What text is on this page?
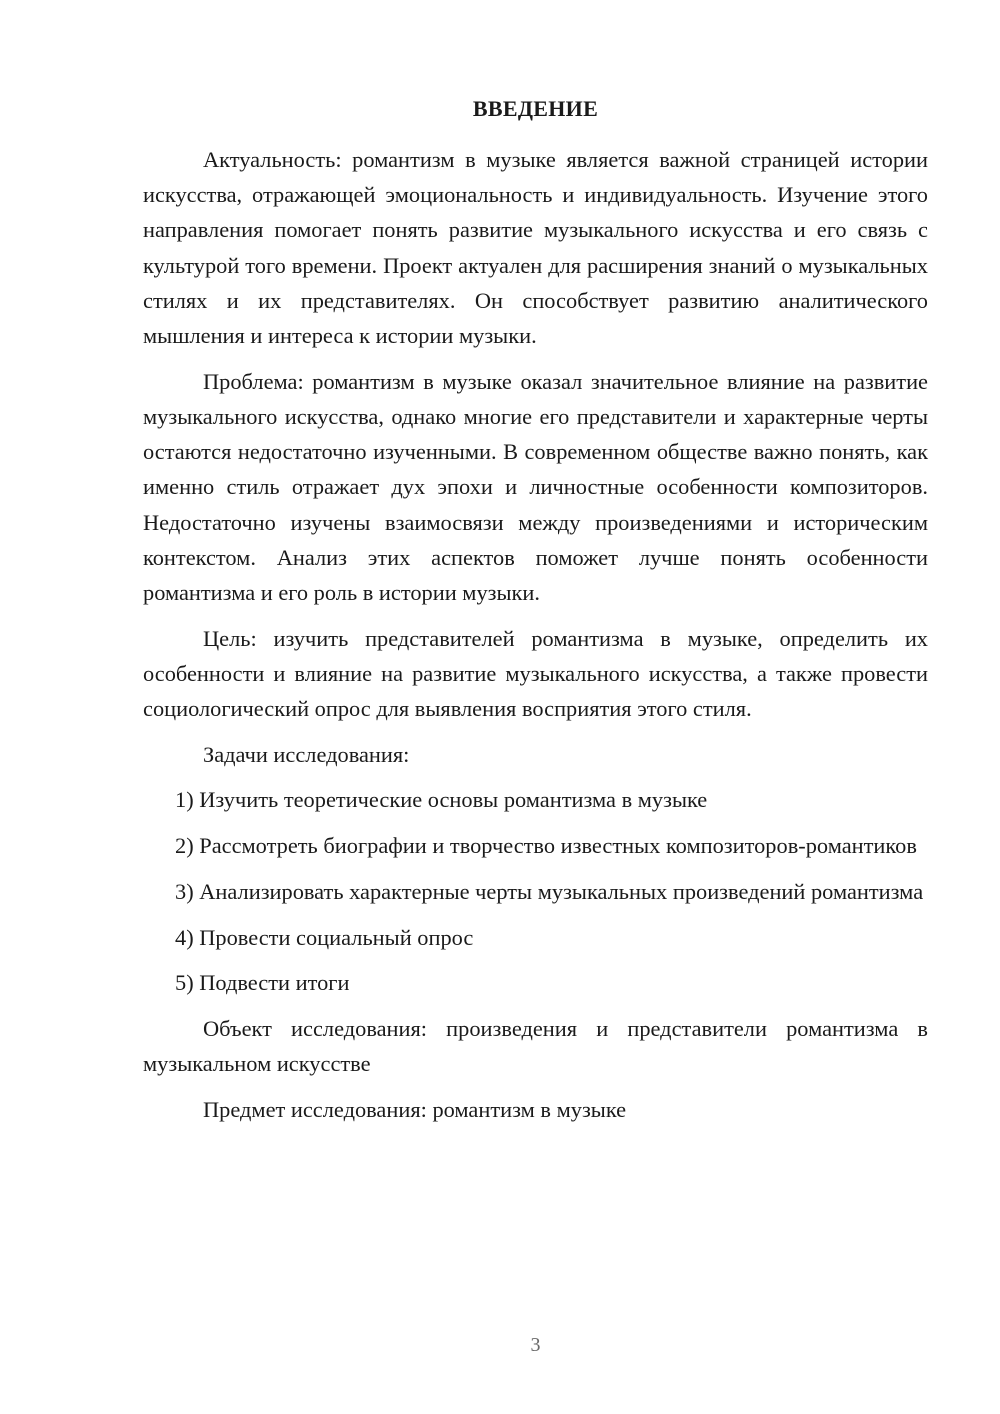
ВВЕДЕНИЕ

Актуальность: романтизм в музыке является важной страницей истории искусства, отражающей эмоциональность и индивидуальность. Изучение этого направления помогает понять развитие музыкального искусства и его связь с культурой того времени. Проект актуален для расширения знаний о музыкальных стилях и их представителях. Он способствует развитию аналитического мышления и интереса к истории музыки.

Проблема: романтизм в музыке оказал значительное влияние на развитие музыкального искусства, однако многие его представители и характерные черты остаются недостаточно изученными. В современном обществе важно понять, как именно стиль отражает дух эпохи и личностные особенности композиторов. Недостаточно изучены взаимосвязи между произведениями и историческим контекстом. Анализ этих аспектов поможет лучше понять особенности романтизма и его роль в истории музыки.

Цель: изучить представителей романтизма в музыке, определить их особенности и влияние на развитие музыкального искусства, а также провести социологический опрос для выявления восприятия этого стиля.

Задачи исследования:

1) Изучить теоретические основы романтизма в музыке

2) Рассмотреть биографии и творчество известных композиторов-романтиков

3) Анализировать характерные черты музыкальных произведений романтизма

4) Провести социальный опрос

5) Подвести итоги

Объект исследования: произведения и представители романтизма в музыкальном искусстве

Предмет исследования: романтизм в музыке

3
